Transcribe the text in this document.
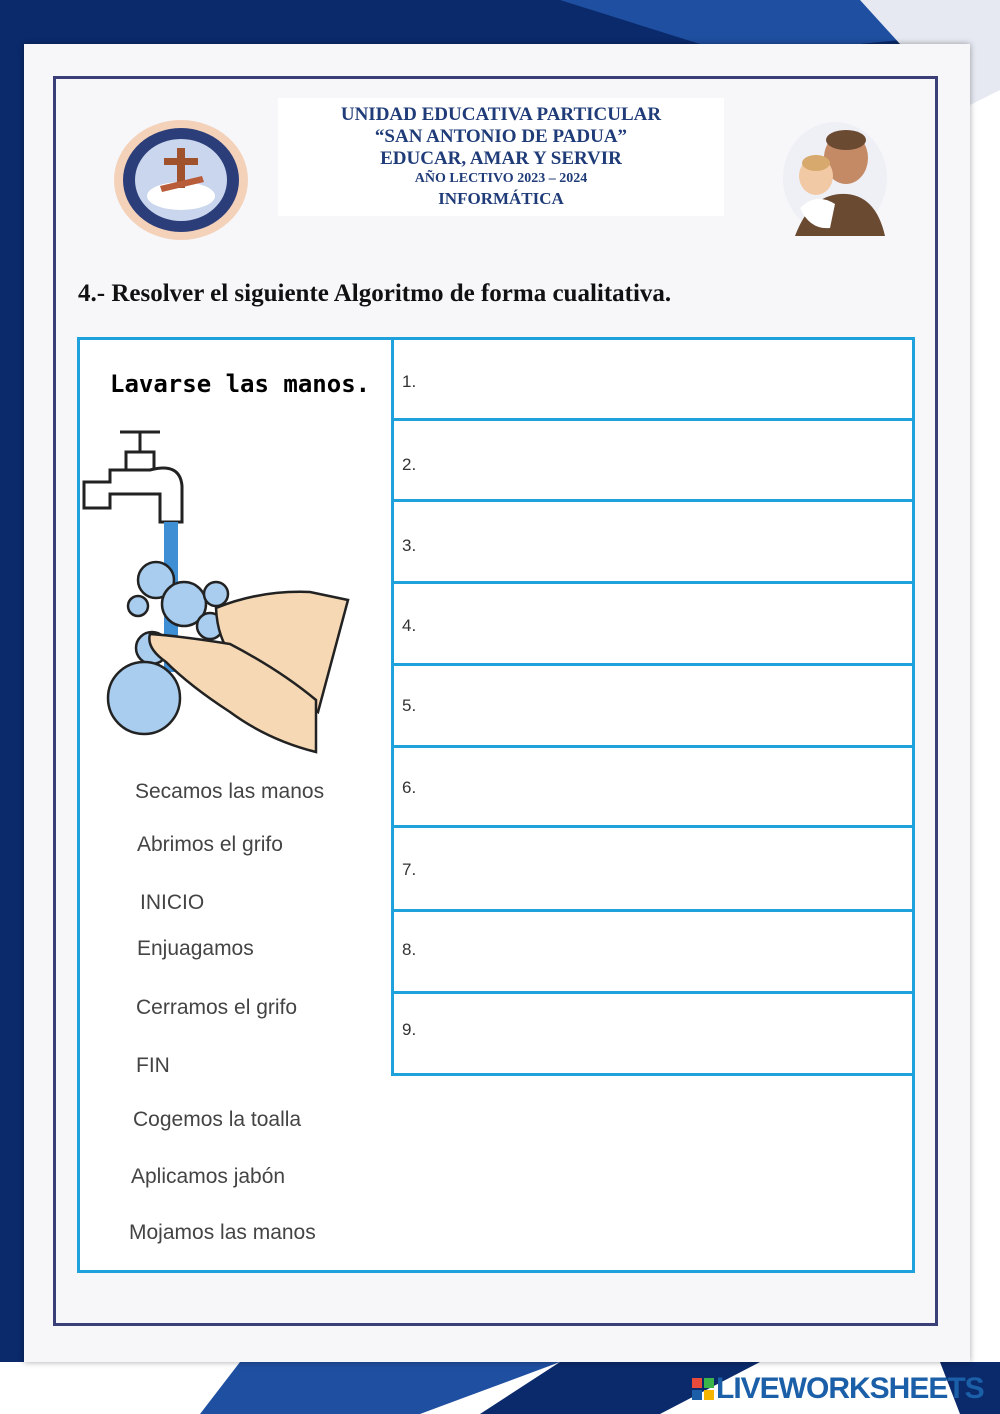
UNIDAD EDUCATIVA PARTICULAR
“SAN ANTONIO DE PADUA”
EDUCAR, AMAR Y SERVIR
AÑO LECTIVO 2023 – 2024
INFORMÁTICA
4.- Resolver el siguiente Algoritmo de forma cualitativa.
Lavarse las manos. 1.
2.
3.
4.
5.
6.
7.
8.
9.
Secamos las manos
Abrimos el grifo
INICIO
Enjuagamos
Cerramos el grifo
FIN
Cogemos la toalla
Aplicamos jabón
Mojamos las manos
LIVEWORKSHEETS
